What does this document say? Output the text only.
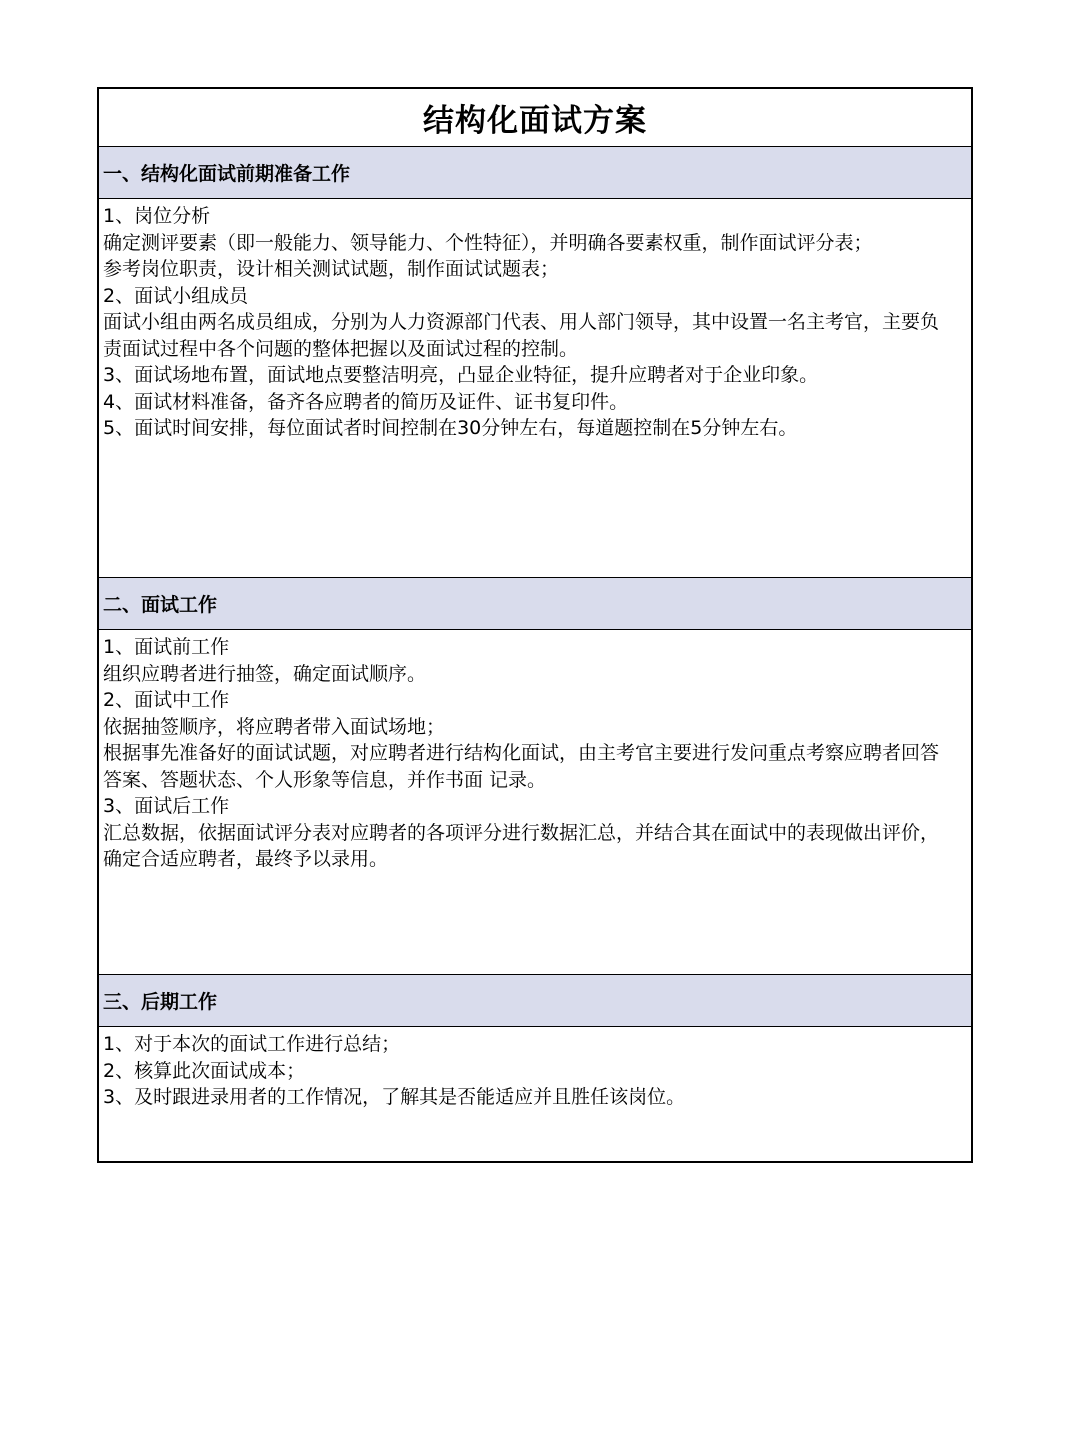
结构化面试方案
一、结构化面试前期准备工作
1、岗位分析
确定测评要素（即一般能力、领导能力、个性特征），并明确各要素权重，制作面试评分表；
参考岗位职责，设计相关测试试题，制作面试试题表；
2、面试小组成员
面试小组由两名成员组成，分别为人力资源部门代表、用人部门领导，其中设置一名主考官，主要负责面试过程中各个问题的整体把握以及面试过程的控制。
3、面试场地布置，面试地点要整洁明亮，凸显企业特征，提升应聘者对于企业印象。
4、面试材料准备，备齐各应聘者的简历及证件、证书复印件。
5、面试时间安排，每位面试者时间控制在30分钟左右，每道题控制在5分钟左右。
二、面试工作
1、面试前工作
组织应聘者进行抽签，确定面试顺序。
2、面试中工作
依据抽签顺序，将应聘者带入面试场地；
根据事先准备好的面试试题，对应聘者进行结构化面试，由主考官主要进行发问重点考察应聘者回答答案、答题状态、个人形象等信息，并作书面 记录。
3、面试后工作
汇总数据，依据面试评分表对应聘者的各项评分进行数据汇总，并结合其在面试中的表现做出评价，确定合适应聘者，最终予以录用。
三、后期工作
1、对于本次的面试工作进行总结；
2、核算此次面试成本；
3、及时跟进录用者的工作情况，了解其是否能适应并且胜任该岗位。
